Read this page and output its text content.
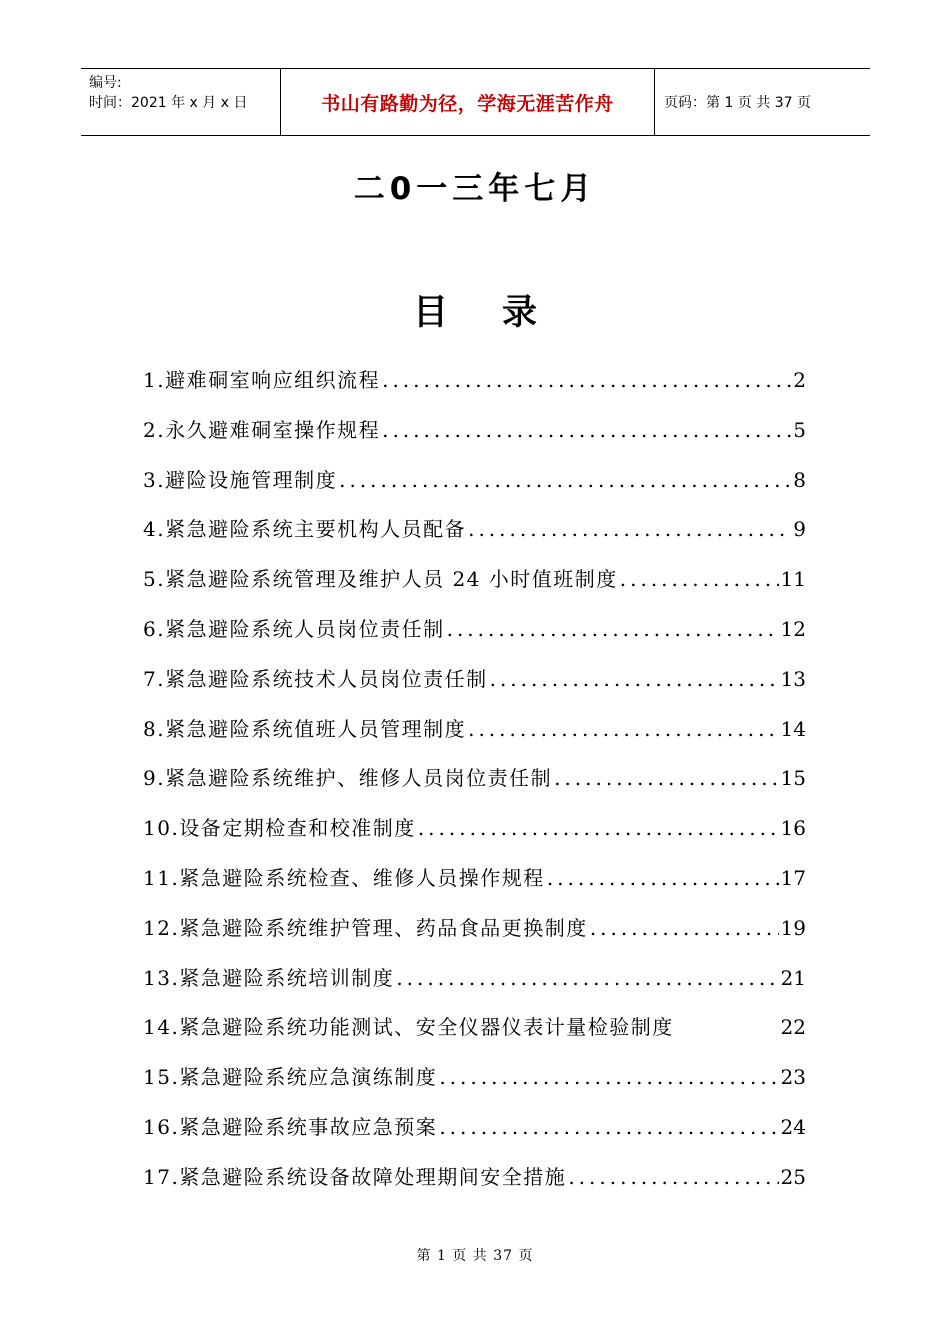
编号:
时间：2021 年 x 月 x 日	书山有路勤为径，学海无涯苦作舟	页码：第 1 页 共 37 页
二0一三年七月
目录
1.避难硐室响应组织流程 .....	2
2.永久避难硐室操作规程 .....	5
3.避险设施管理制度 .....	8
4.紧急避险系统主要机构人员配备 .....	9
5.紧急避险系统管理及维护人员 24 小时值班制度 .....	11
6.紧急避险系统人员岗位责任制 .....	12
7.紧急避险系统技术人员岗位责任制 .....	13
8.紧急避险系统值班人员管理制度 .....	14
9.紧急避险系统维护、维修人员岗位责任制 .....	15
10.设备定期检查和校准制度 .....	16
11.紧急避险系统检查、维修人员操作规程 .....	17
12.紧急避险系统维护管理、药品食品更换制度 .....	19
13.紧急避险系统培训制度 .....	21
14.紧急避险系统功能测试、安全仪器仪表计量检验制度	22
15.紧急避险系统应急演练制度 .....	23
16.紧急避险系统事故应急预案 .....	24
17.紧急避险系统设备故障处理期间安全措施 .....	25
第 1 页 共 37 页
